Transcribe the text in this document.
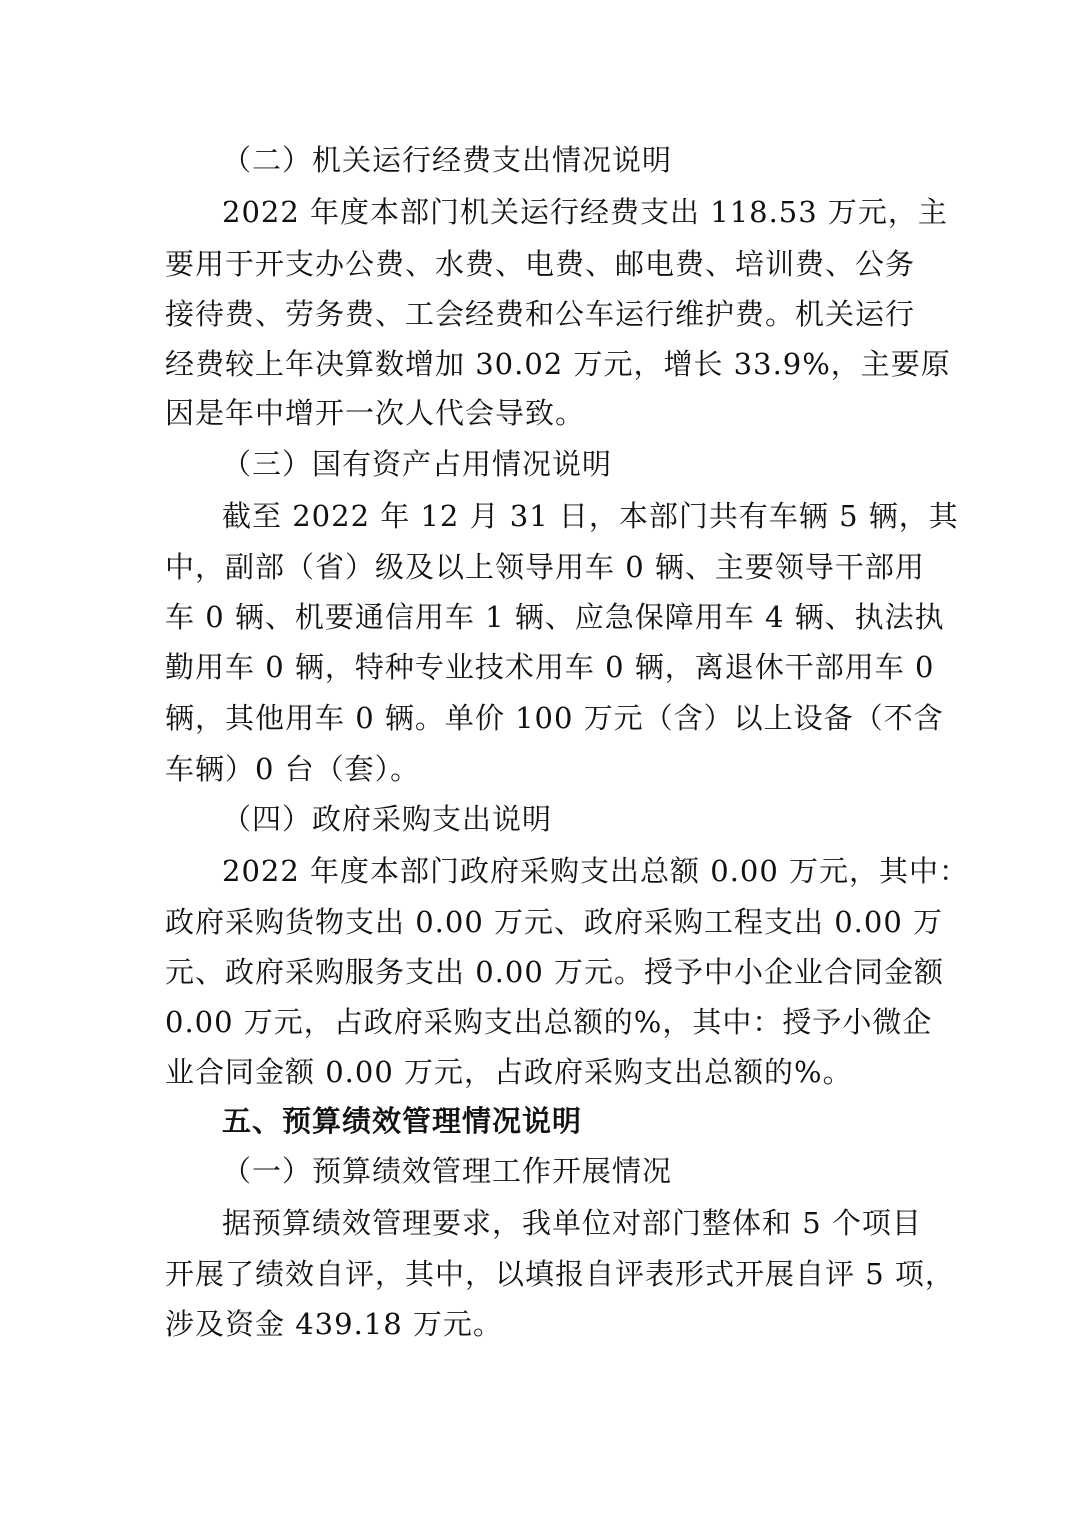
（二）机关运行经费支出情况说明
2022 年度本部门机关运行经费支出 118.53 万元，主
要用于开支办公费、水费、电费、邮电费、培训费、公务
接待费、劳务费、工会经费和公车运行维护费。机关运行
经费较上年决算数增加 30.02 万元，增长 33.9%，主要原
因是年中增开一次人代会导致。
（三）国有资产占用情况说明
截至 2022 年 12 月 31 日，本部门共有车辆 5 辆，其
中，副部（省）级及以上领导用车 0 辆、主要领导干部用
车 0 辆、机要通信用车 1 辆、应急保障用车 4 辆、执法执
勤用车 0 辆，特种专业技术用车 0 辆，离退休干部用车 0
辆，其他用车 0 辆。单价 100 万元（含）以上设备（不含
车辆）0 台（套）。
（四）政府采购支出说明
2022 年度本部门政府采购支出总额 0.00 万元，其中：
政府采购货物支出 0.00 万元、政府采购工程支出 0.00 万
元、政府采购服务支出 0.00 万元。授予中小企业合同金额
0.00 万元，占政府采购支出总额的%，其中：授予小微企
业合同金额 0.00 万元，占政府采购支出总额的%。
五、预算绩效管理情况说明
（一）预算绩效管理工作开展情况
据预算绩效管理要求，我单位对部门整体和 5 个项目
开展了绩效自评，其中，以填报自评表形式开展自评 5 项，
涉及资金 439.18 万元。
